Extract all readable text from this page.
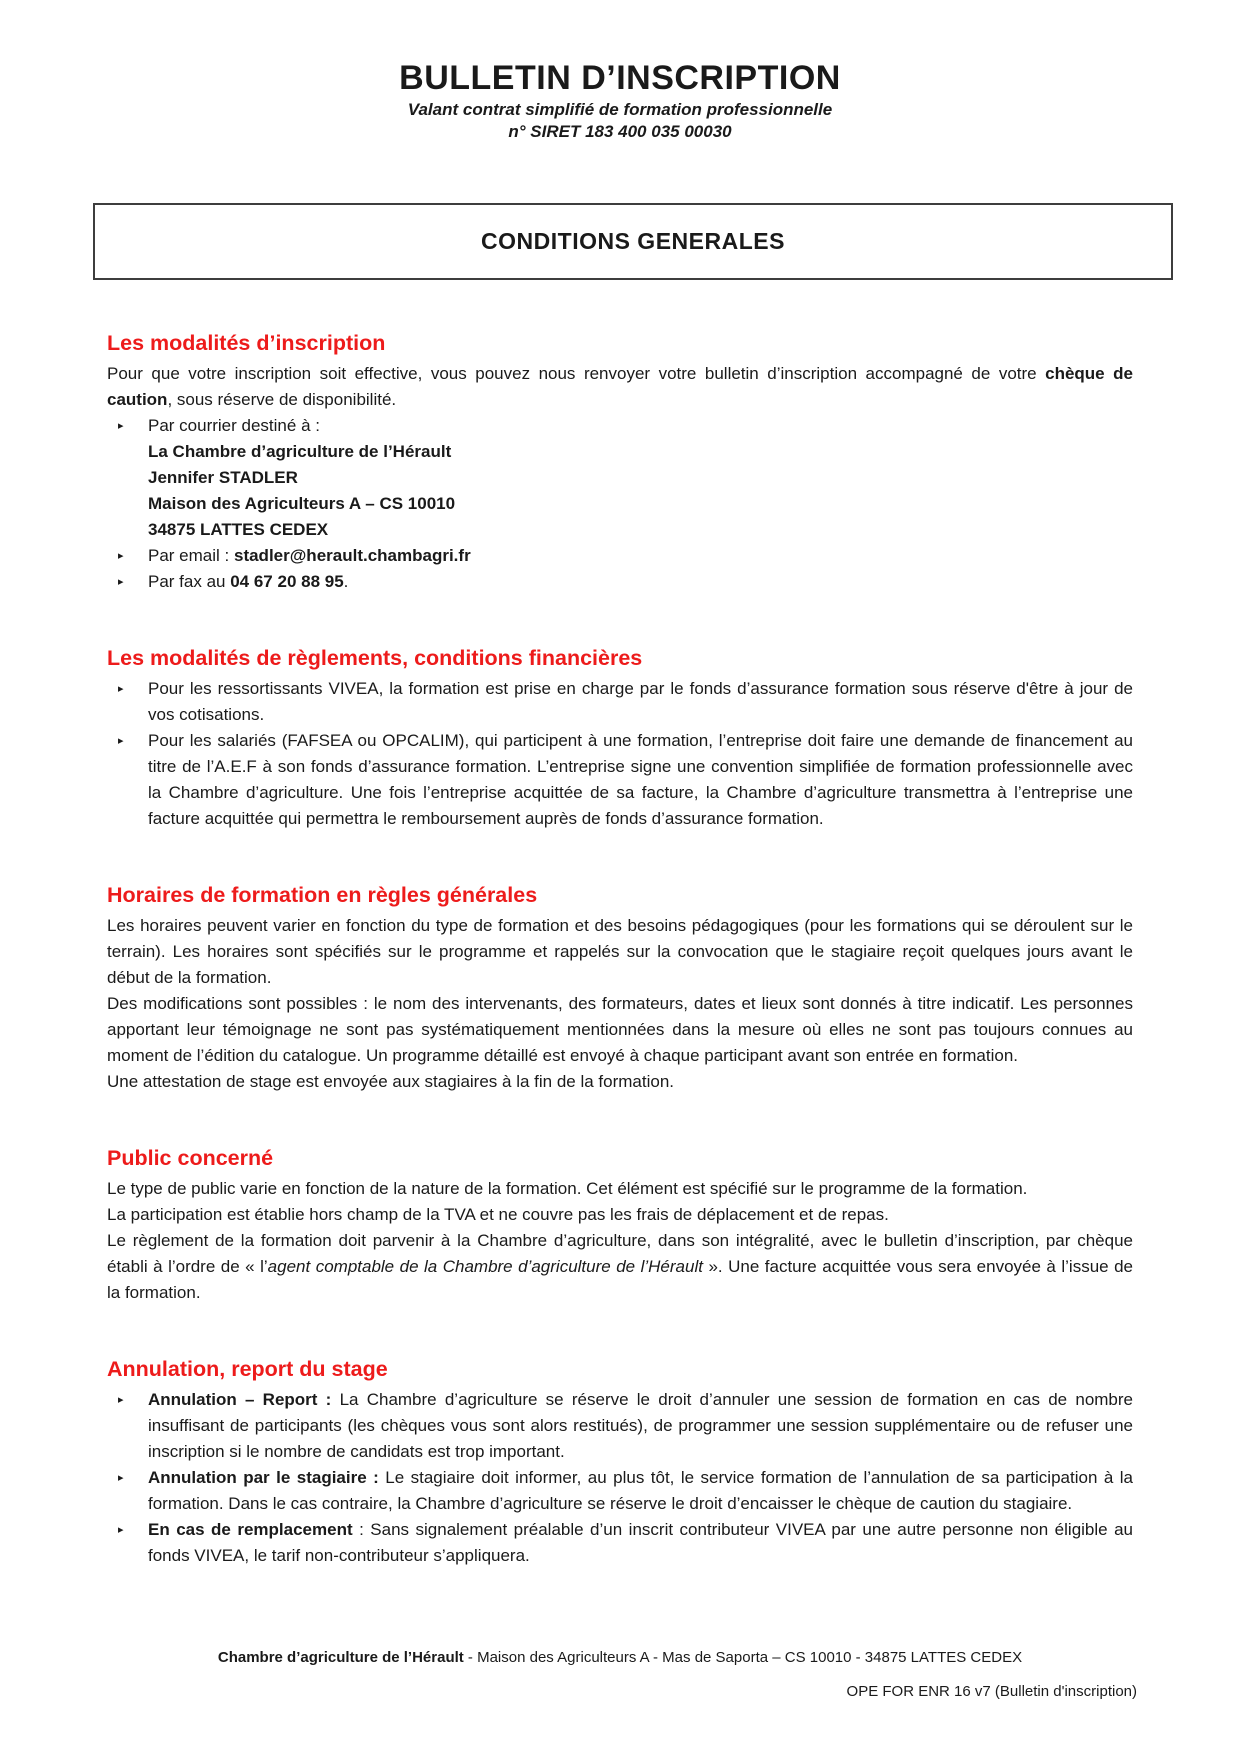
BULLETIN D’INSCRIPTION
Valant contrat simplifié de formation professionnelle
n° SIRET 183 400 035 00030
CONDITIONS GENERALES
Les modalités d’inscription

Pour que votre inscription soit effective, vous pouvez nous renvoyer votre bulletin d’inscription accompagné de votre chèque de caution, sous réserve de disponibilité.

▸	Par courrier destiné à :
La Chambre d’agriculture de l’Hérault
Jennifer STADLER
Maison des Agriculteurs A – CS 10010
34875 LATTES CEDEX
▸	Par email : stadler@herault.chambagri.fr
▸	Par fax au 04 67 20 88 95.
Les modalités de règlements, conditions financières
▸	Pour les ressortissants VIVEA, la formation est prise en charge par le fonds d’assurance formation sous réserve d'être à jour de vos cotisations.
▸	Pour les salariés (FAFSEA ou OPCALIM), qui participent à une formation, l’entreprise doit faire une demande de financement au titre de l’A.E.F à son fonds d’assurance formation. L’entreprise signe une convention simplifiée de formation professionnelle avec la Chambre d’agriculture. Une fois l’entreprise acquittée de sa facture, la Chambre d’agriculture transmettra à l’entreprise une facture acquittée qui permettra le remboursement auprès de fonds d’assurance formation.
Horaires de formation en règles générales

Les horaires peuvent varier en fonction du type de formation et des besoins pédagogiques (pour les formations qui se déroulent sur le terrain). Les horaires sont spécifiés sur le programme et rappelés sur la convocation que le stagiaire reçoit quelques jours avant le début de la formation.

Des modifications sont possibles : le nom des intervenants, des formateurs, dates et lieux sont donnés à titre indicatif. Les personnes apportant leur témoignage ne sont pas systématiquement mentionnées dans la mesure où elles ne sont pas toujours connues au moment de l’édition du catalogue. Un programme détaillé est envoyé à chaque participant avant son entrée en formation.

Une attestation de stage est envoyée aux stagiaires à la fin de la formation.

Public concerné

Le type de public varie en fonction de la nature de la formation. Cet élément est spécifié sur le programme de la formation.

La participation est établie hors champ de la TVA et ne couvre pas les frais de déplacement et de repas.

Le règlement de la formation doit parvenir à la Chambre d’agriculture, dans son intégralité, avec le bulletin d’inscription, par chèque établi à l’ordre de « l’agent comptable de la Chambre d’agriculture de l’Hérault ». Une facture acquittée vous sera envoyée à l’issue de la formation.

Annulation, report du stage
▸	Annulation – Report : La Chambre d’agriculture se réserve le droit d’annuler une session de formation en cas de nombre insuffisant de participants (les chèques vous sont alors restitués), de programmer une session supplémentaire ou de refuser une inscription si le nombre de candidats est trop important.
▸	Annulation par le stagiaire : Le stagiaire doit informer, au plus tôt, le service formation de l’annulation de sa participation à la formation. Dans le cas contraire, la Chambre d’agriculture se réserve le droit d’encaisser le chèque de caution du stagiaire.
▸	En cas de remplacement : Sans signalement préalable d’un inscrit contributeur VIVEA par une autre personne non éligible au fonds VIVEA, le tarif non-contributeur s’appliquera.
Chambre d’agriculture de l’Hérault - Maison des Agriculteurs A - Mas de Saporta – CS 10010 - 34875 LATTES CEDEX
OPE FOR ENR 16 v7 (Bulletin d'inscription)
